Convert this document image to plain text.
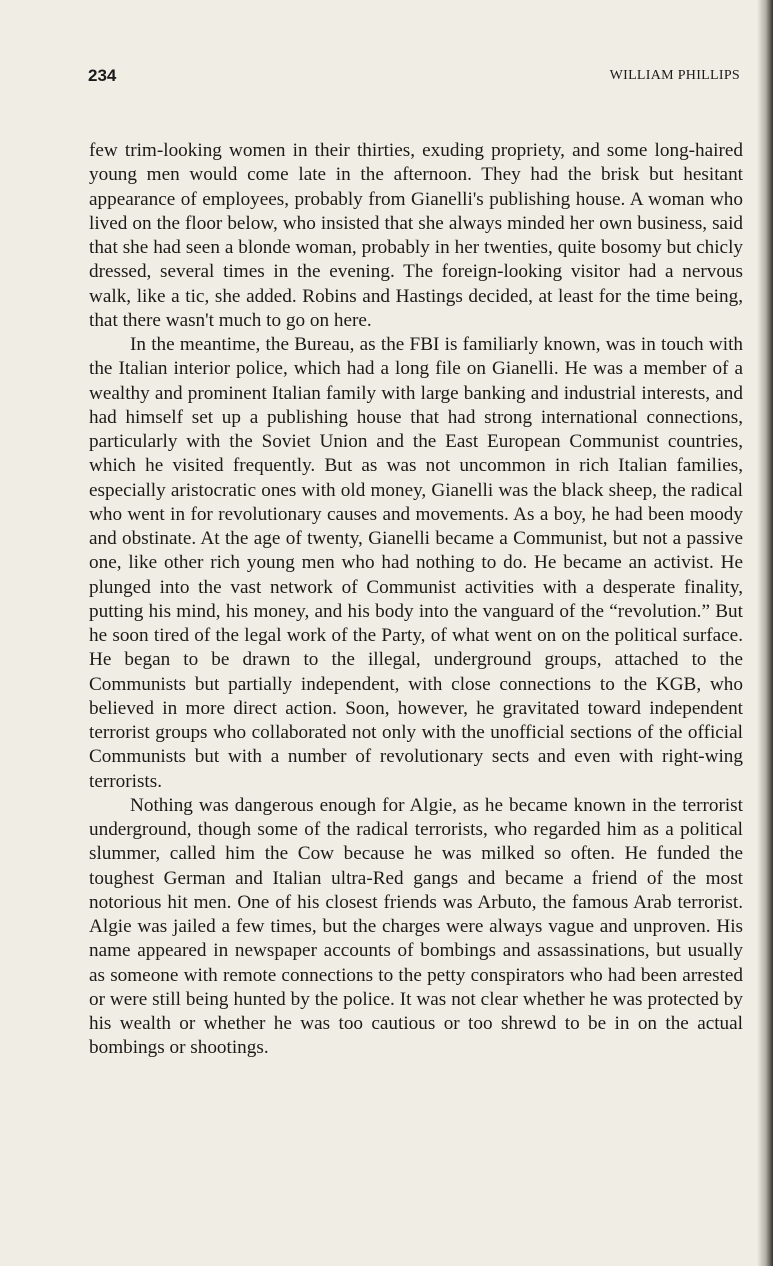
234	WILLIAM PHILLIPS

few trim-looking women in their thirties, exuding propriety, and some long-haired young men would come late in the afternoon. They had the brisk but hesitant appearance of employees, probably from Gianelli's publishing house. A woman who lived on the floor below, who insisted that she always minded her own business, said that she had seen a blonde woman, probably in her twenties, quite bosomy but chicly dressed, several times in the evening. The foreign-looking visitor had a nervous walk, like a tic, she added. Robins and Hastings decided, at least for the time being, that there wasn't much to go on here.

In the meantime, the Bureau, as the FBI is familiarly known, was in touch with the Italian interior police, which had a long file on Gianelli. He was a member of a wealthy and prominent Italian family with large banking and industrial interests, and had himself set up a publishing house that had strong international connections, particularly with the Soviet Union and the East European Communist countries, which he visited frequently. But as was not uncommon in rich Italian families, especially aristocratic ones with old money, Gianelli was the black sheep, the radical who went in for revolutionary causes and movements. As a boy, he had been moody and obstinate. At the age of twenty, Gianelli became a Communist, but not a passive one, like other rich young men who had nothing to do. He became an activist. He plunged into the vast network of Communist activities with a desperate finality, putting his mind, his money, and his body into the vanguard of the “revolution.” But he soon tired of the legal work of the Party, of what went on on the political surface. He began to be drawn to the illegal, underground groups, attached to the Communists but partially independent, with close connections to the KGB, who believed in more direct action. Soon, however, he gravitated toward independent terrorist groups who collaborated not only with the unofficial sections of the official Communists but with a number of revolutionary sects and even with right-wing terrorists.

Nothing was dangerous enough for Algie, as he became known in the terrorist underground, though some of the radical terrorists, who regarded him as a political slummer, called him the Cow because he was milked so often. He funded the toughest German and Italian ultra-Red gangs and became a friend of the most notorious hit men. One of his closest friends was Arbuto, the famous Arab terrorist. Algie was jailed a few times, but the charges were always vague and unproven. His name appeared in newspaper accounts of bombings and assassinations, but usually as someone with remote connections to the petty conspirators who had been arrested or were still being hunted by the police. It was not clear whether he was protected by his wealth or whether he was too cautious or too shrewd to be in on the actual bombings or shootings.
